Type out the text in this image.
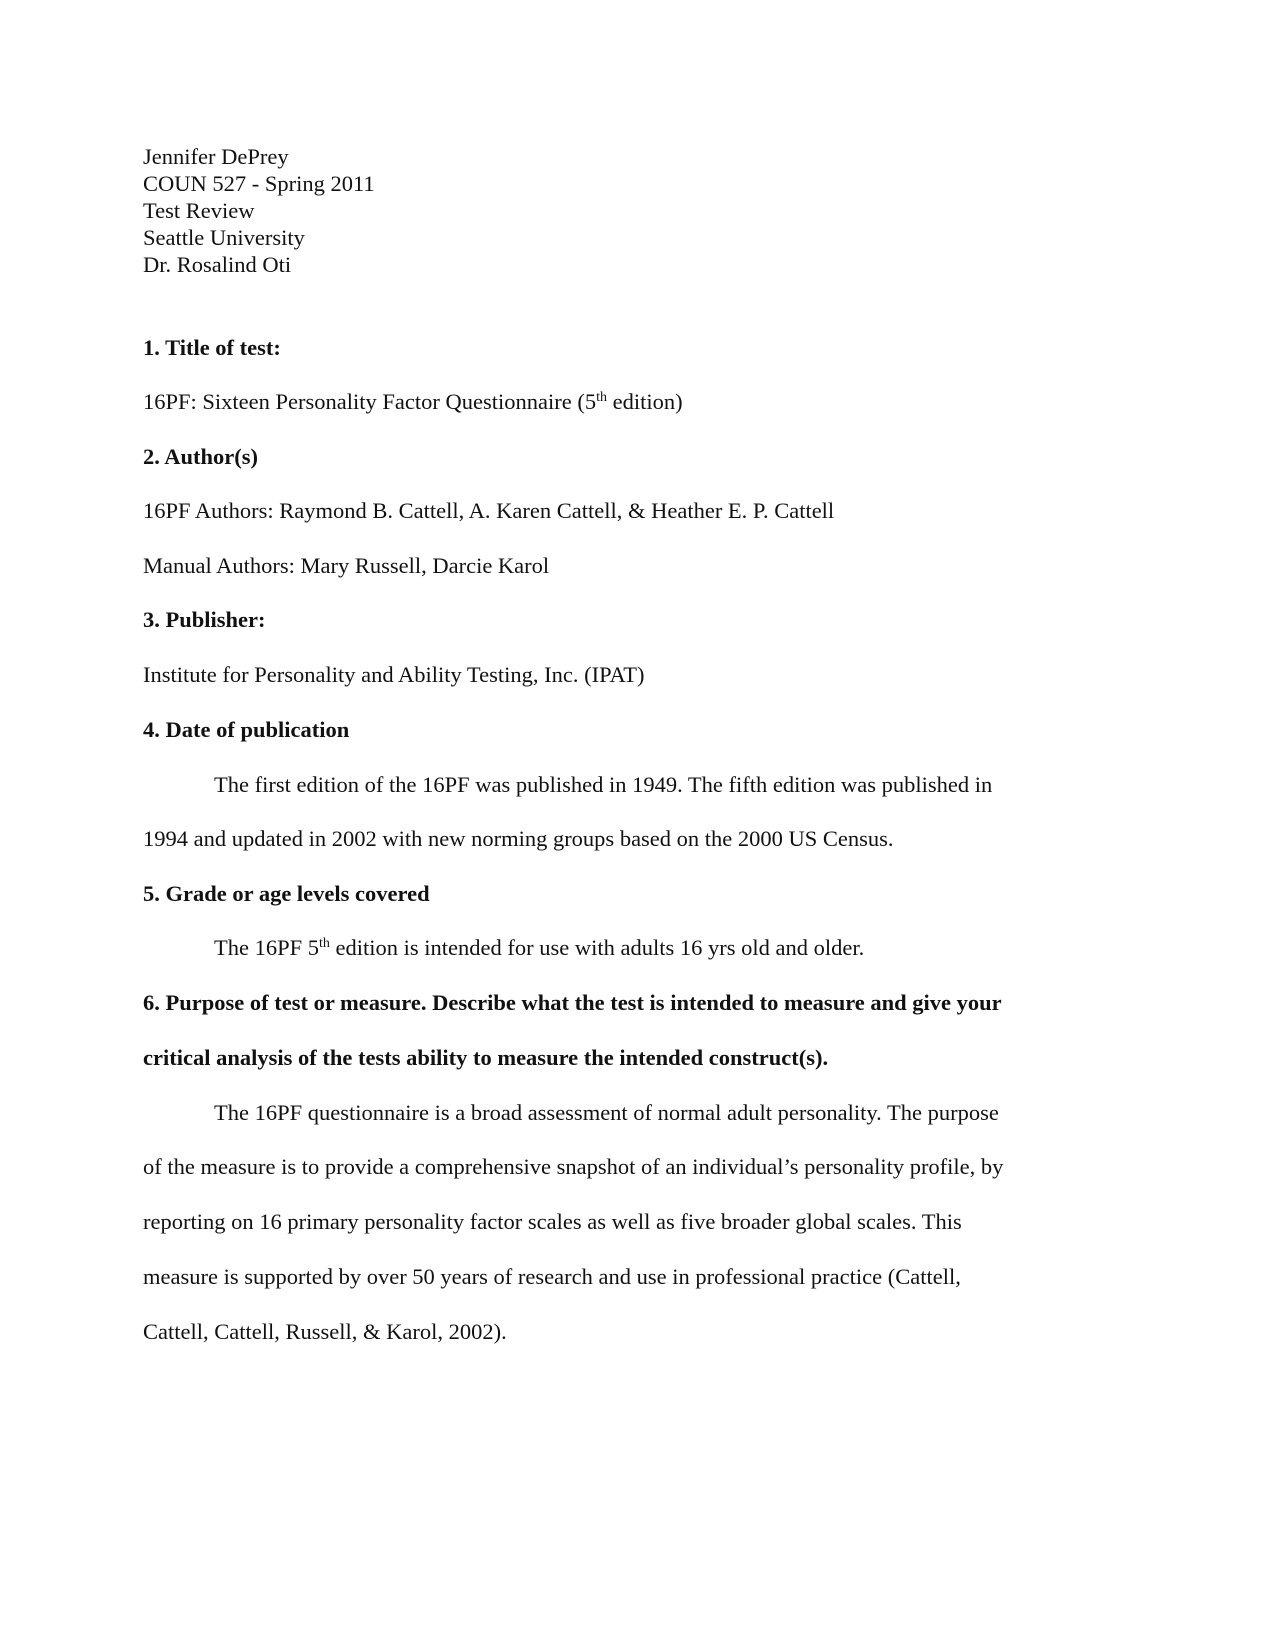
Jennifer DePrey
COUN 527 - Spring 2011
Test Review
Seattle University
Dr. Rosalind Oti
1. Title of test:
16PF: Sixteen Personality Factor Questionnaire (5th edition)
2. Author(s)
16PF Authors: Raymond B. Cattell, A. Karen Cattell, & Heather E. P. Cattell
Manual Authors: Mary Russell, Darcie Karol
3. Publisher:
Institute for Personality and Ability Testing, Inc. (IPAT)
4. Date of publication
The first edition of the 16PF was published in 1949. The fifth edition was published in
1994 and updated in 2002 with new norming groups based on the 2000 US Census.
5. Grade or age levels covered
The 16PF 5th edition is intended for use with adults 16 yrs old and older.
6. Purpose of test or measure. Describe what the test is intended to measure and give your
critical analysis of the tests ability to measure the intended construct(s).
The 16PF questionnaire is a broad assessment of normal adult personality. The purpose
of the measure is to provide a comprehensive snapshot of an individual’s personality profile, by
reporting on 16 primary personality factor scales as well as five broader global scales. This
measure is supported by over 50 years of research and use in professional practice (Cattell,
Cattell, Cattell, Russell, & Karol, 2002).
